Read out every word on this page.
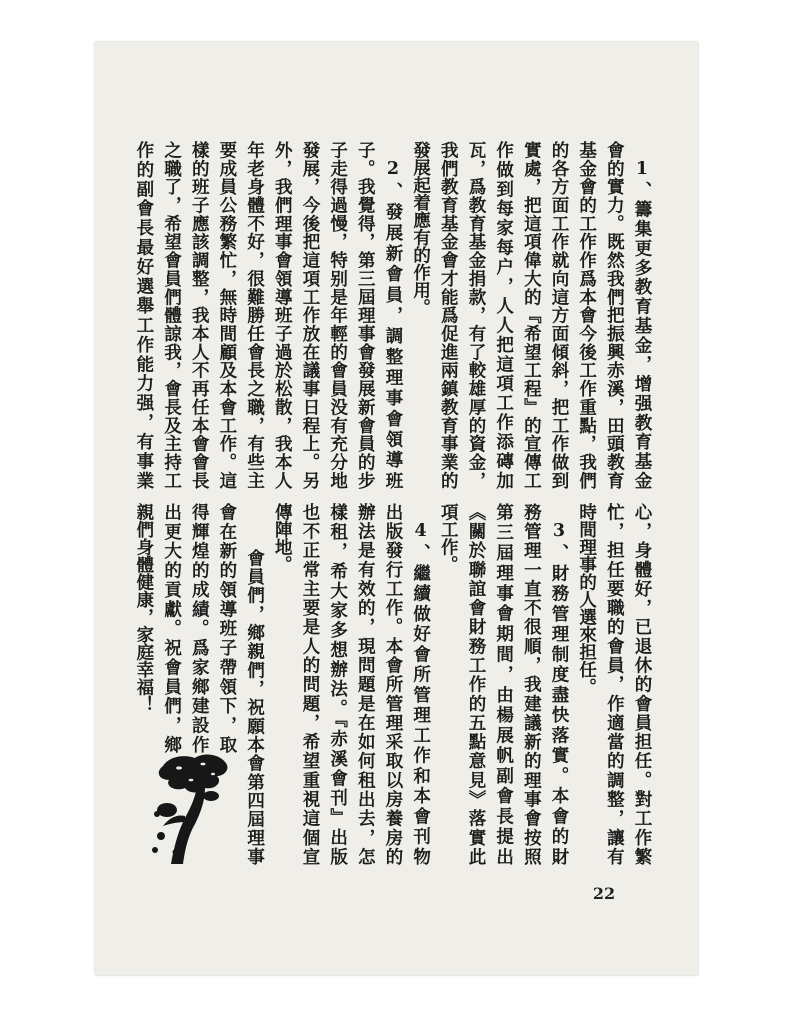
1、籌集更多教育基金，增强教育基金
會的實力。既然我們把振興赤溪，田頭教育
基金會的工作作爲本會今後工作重點，我們
的各方面工作就向這方面傾斜，把工作做到
實處，把這項偉大的『希望工程』的宣傳工
作做到每家每户，人人把這項工作添磚加
瓦，爲教育基金捐款，有了較雄厚的資金，
我們教育基金會才能爲促進兩鎮教育事業的
發展起着應有的作用。
2、發展新會員，調整理事會領導班
子。我覺得，第三屆理事會發展新會員的步
子走得過慢，特别是年輕的會員没有充分地
發展，今後把這項工作放在議事日程上。另
外，我們理事會領導班子過於松散，我本人
年老身體不好，很難勝任會長之職，有些主
要成員公務繁忙，無時間顧及本會工作。這
樣的班子應該調整，我本人不再任本會會長
之職了，希望會員們體諒我，會長及主持工
作的副會長最好選舉工作能力强，有事業
心，身體好，已退休的會員担任。對工作繁
忙，担任要職的會員，作適當的調整，讓有
時間理事的人選來担任。
3、財務管理制度盡快落實。本會的財
務管理一直不很順，我建議新的理事會按照
第三屆理事會期間，由楊展帆副會長提出
《關於聯誼會財務工作的五點意見》落實此
項工作。
4、繼續做好會所管理工作和本會刊物
出版發行工作。本會所管理采取以房養房的
辦法是有效的，現問題是在如何租出去，怎
樣租，希大家多想辦法。『赤溪會刊』出版
也不正常主要是人的問題，希望重視這個宣
傳陣地。
會員們，鄉親們，祝願本會第四屆理事
會在新的領導班子帶領下，取
得輝煌的成績。爲家鄉建設作
出更大的貢獻。祝會員們，鄉
親們身體健康，家庭幸福！
22
